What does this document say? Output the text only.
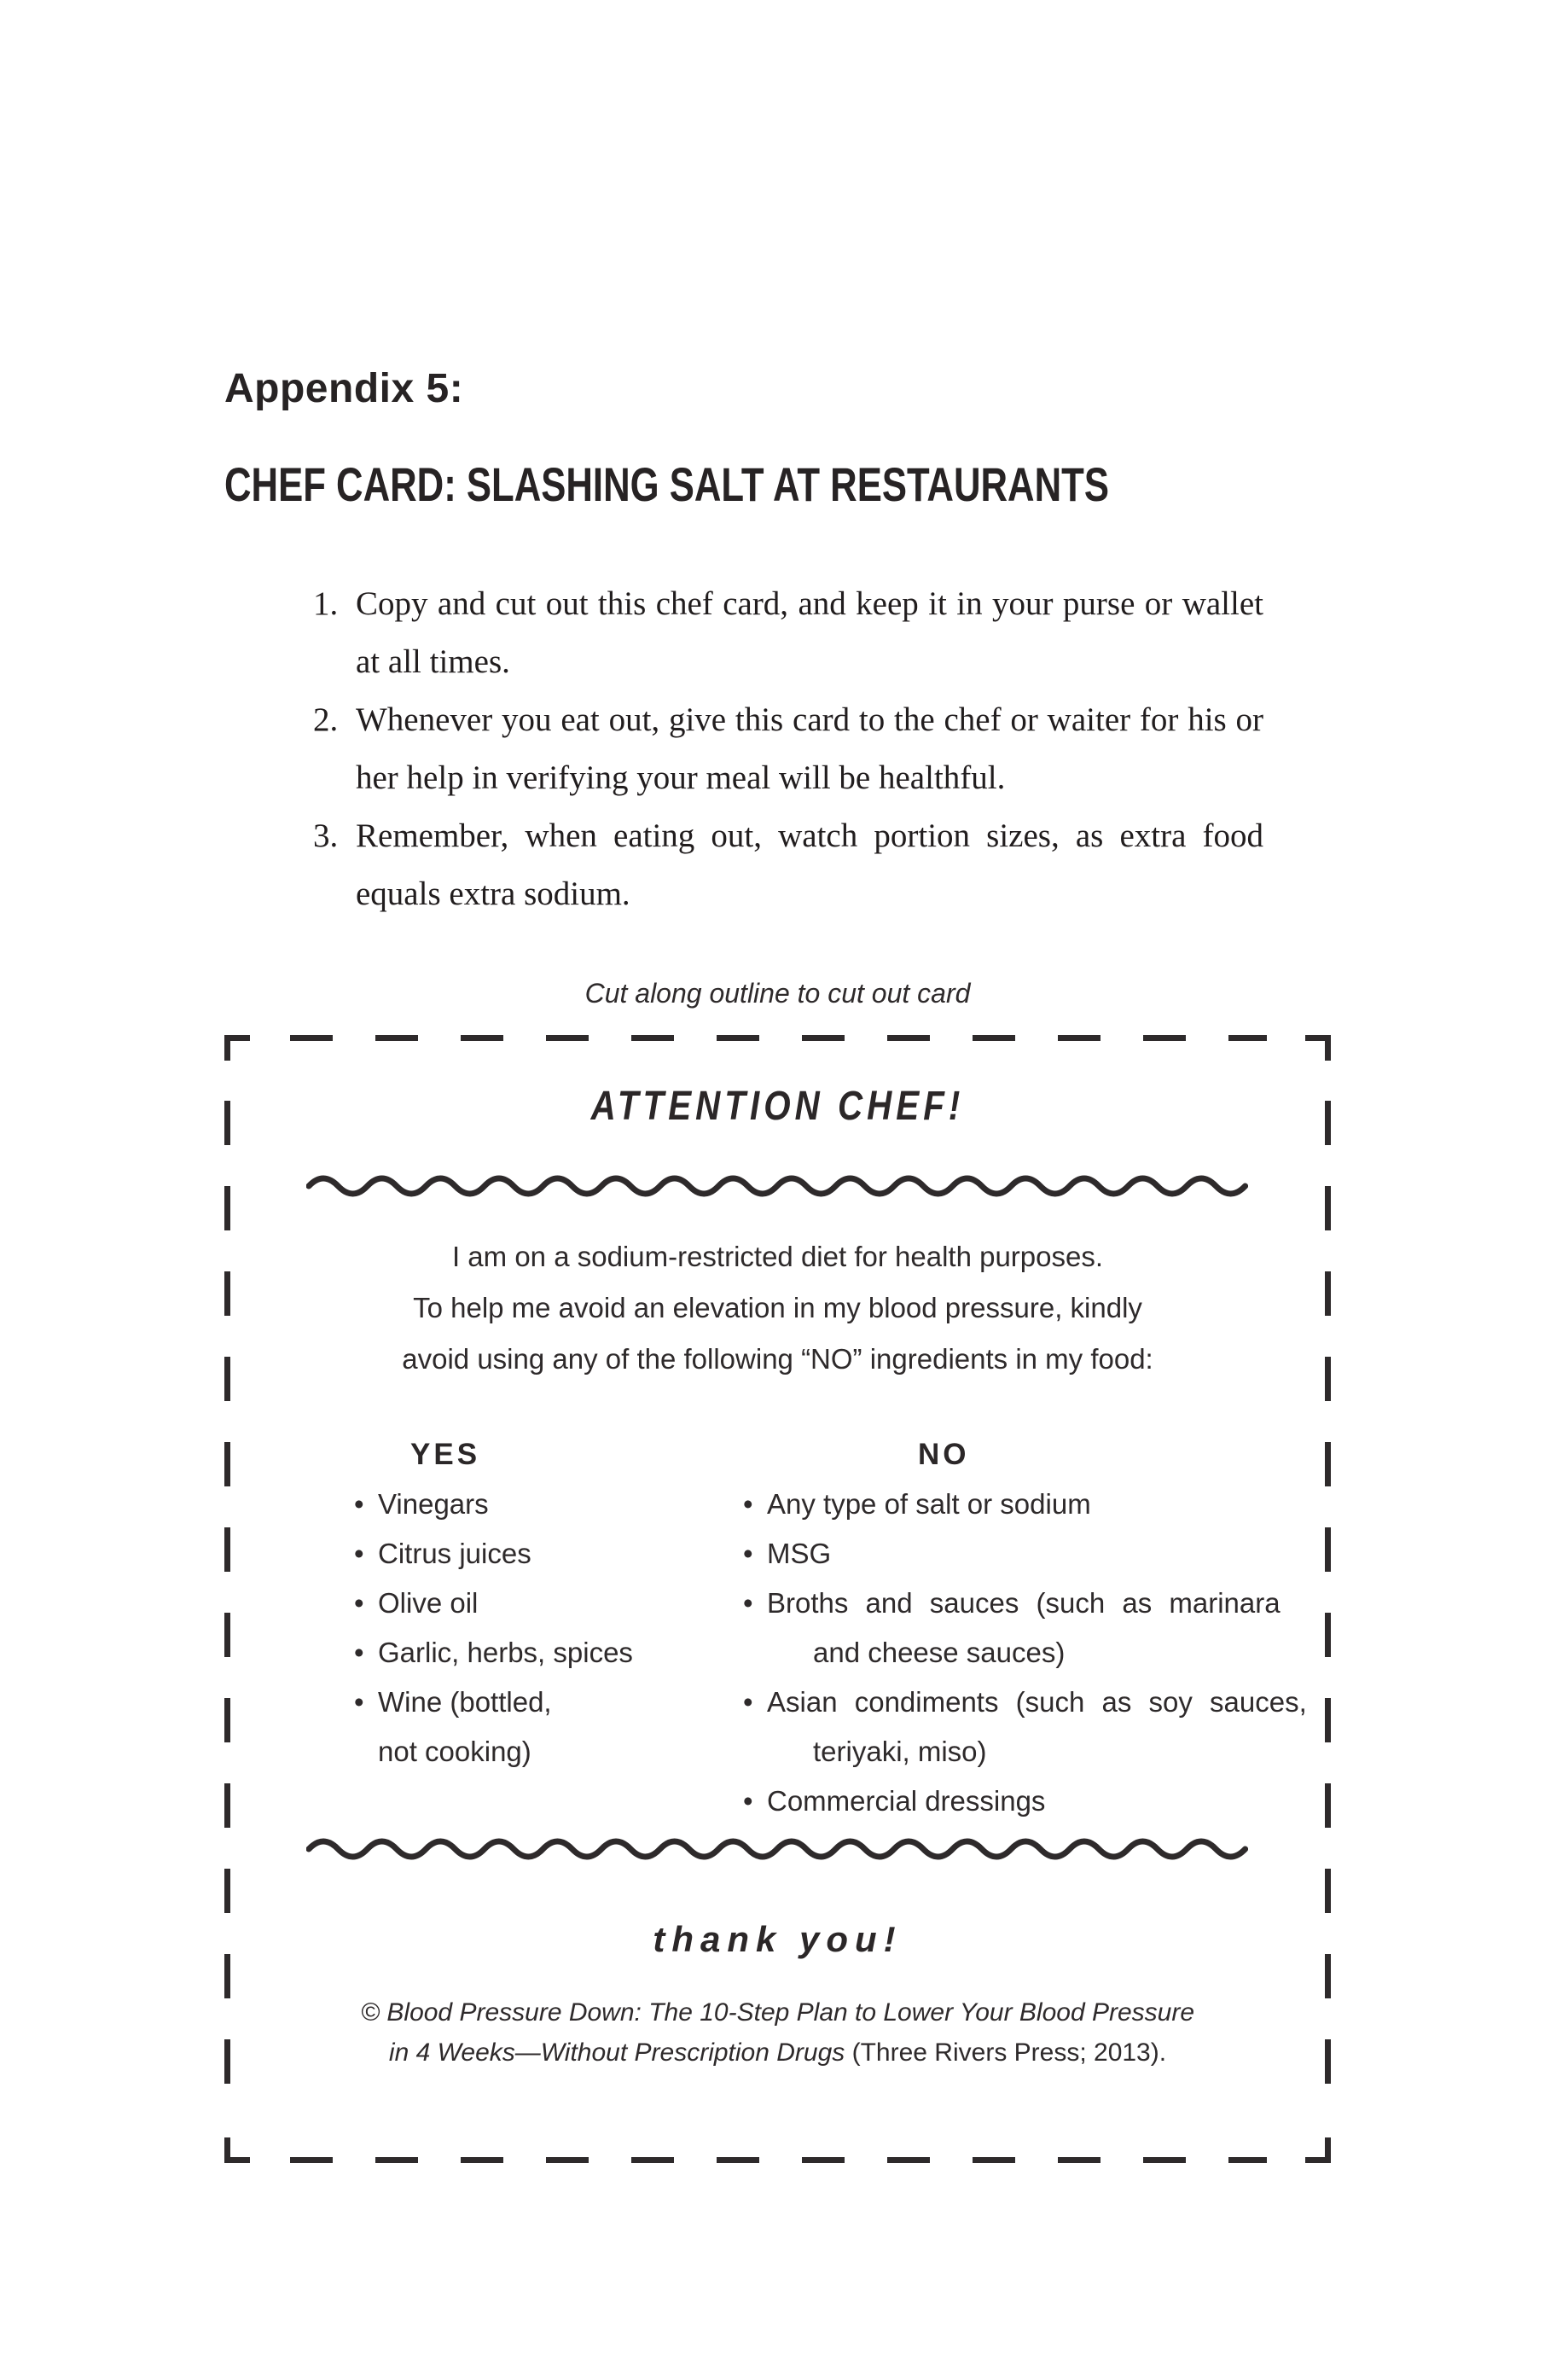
Appendix 5:
CHEF CARD: SLASHING SALT AT RESTAURANTS
1. Copy and cut out this chef card, and keep it in your purse or wallet at all times.
2. Whenever you eat out, give this card to the chef or waiter for his or her help in verifying your meal will be healthful.
3. Remember, when eating out, watch portion sizes, as extra food equals extra sodium.
Cut along outline to cut out card
ATTENTION CHEF!
I am on a sodium-restricted diet for health purposes.
To help me avoid an elevation in my blood pressure, kindly
avoid using any of the following “NO” ingredients in my food:
YES
• Vinegars
• Citrus juices
• Olive oil
• Garlic, herbs, spices
• Wine (bottled,
not cooking)
NO
• Any type of salt or sodium
• MSG
• Broths and sauces (such as marinara
and cheese sauces)
• Asian condiments (such as soy sauces,
teriyaki, miso)
• Commercial dressings
thank you!
© Blood Pressure Down: The 10-Step Plan to Lower Your Blood Pressure
in 4 Weeks—Without Prescription Drugs (Three Rivers Press; 2013).
